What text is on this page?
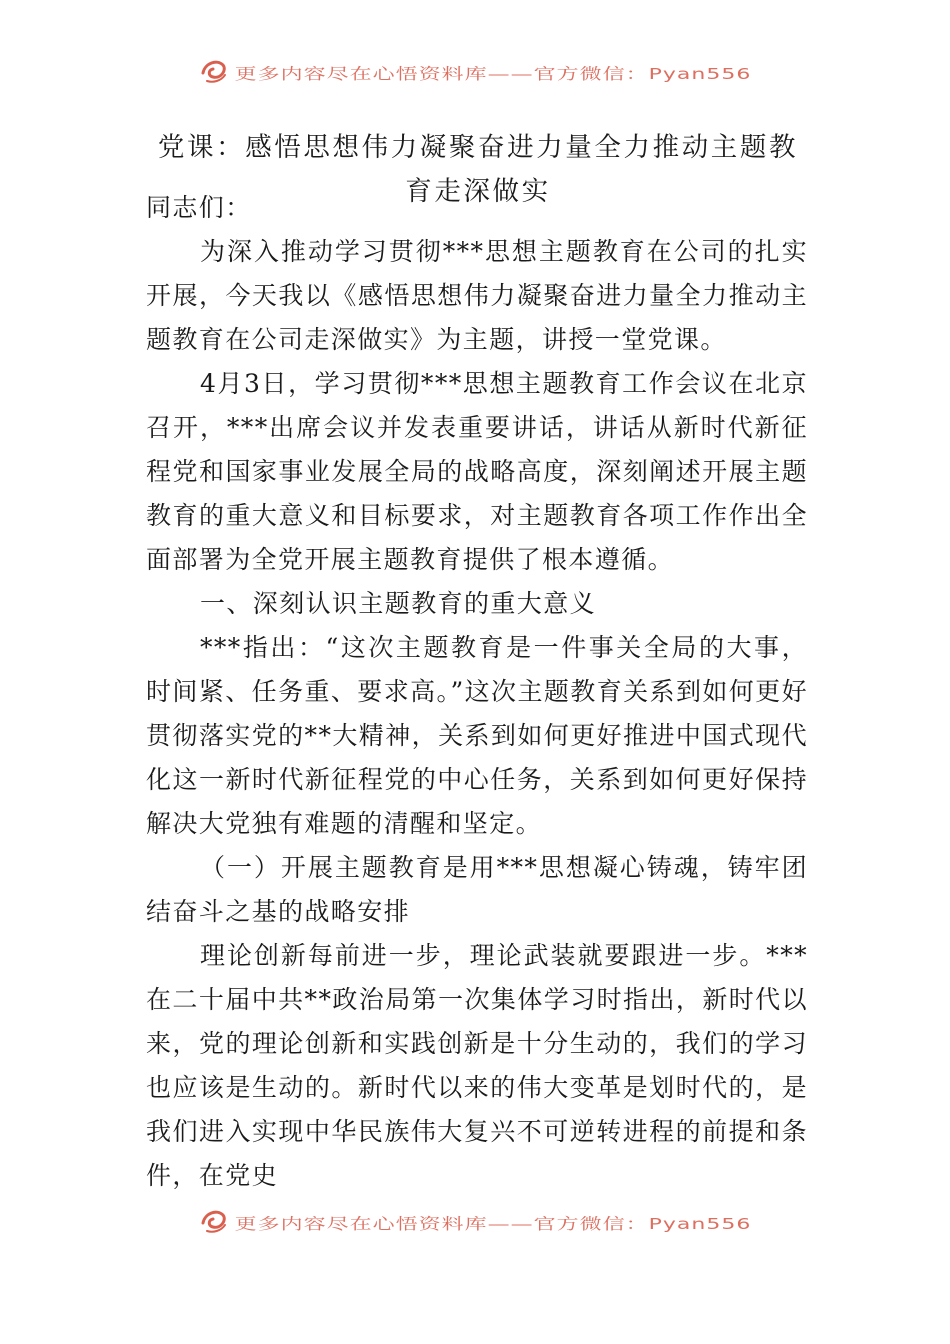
更多内容尽在心悟资料库——官方微信：Pyan556
党课：感悟思想伟力凝聚奋进力量全力推动主题教育走深做实

同志们：

为深入推动学习贯彻***思想主题教育在公司的扎实开展，今天我以《感悟思想伟力凝聚奋进力量全力推动主题教育在公司走深做实》为主题，讲授一堂党课。

4月3日，学习贯彻***思想主题教育工作会议在北京召开，***出席会议并发表重要讲话，讲话从新时代新征程党和国家事业发展全局的战略高度，深刻阐述开展主题教育的重大意义和目标要求，对主题教育各项工作作出全面部署为全党开展主题教育提供了根本遵循。

一、深刻认识主题教育的重大意义

***指出：“这次主题教育是一件事关全局的大事，时间紧、任务重、要求高。”这次主题教育关系到如何更好贯彻落实党的**大精神，关系到如何更好推进中国式现代化这一新时代新征程党的中心任务，关系到如何更好保持解决大党独有难题的清醒和坚定。

（一）开展主题教育是用***思想凝心铸魂，铸牢团结奋斗之基的战略安排

理论创新每前进一步，理论武装就要跟进一步。***在二十届中共**政治局第一次集体学习时指出，新时代以来，党的理论创新和实践创新是十分生动的，我们的学习也应该是生动的。新时代以来的伟大变革是划时代的，是我们进入实现中华民族伟大复兴不可逆转进程的前提和条件，在党史

更多内容尽在心悟资料库——官方微信：Pyan556
